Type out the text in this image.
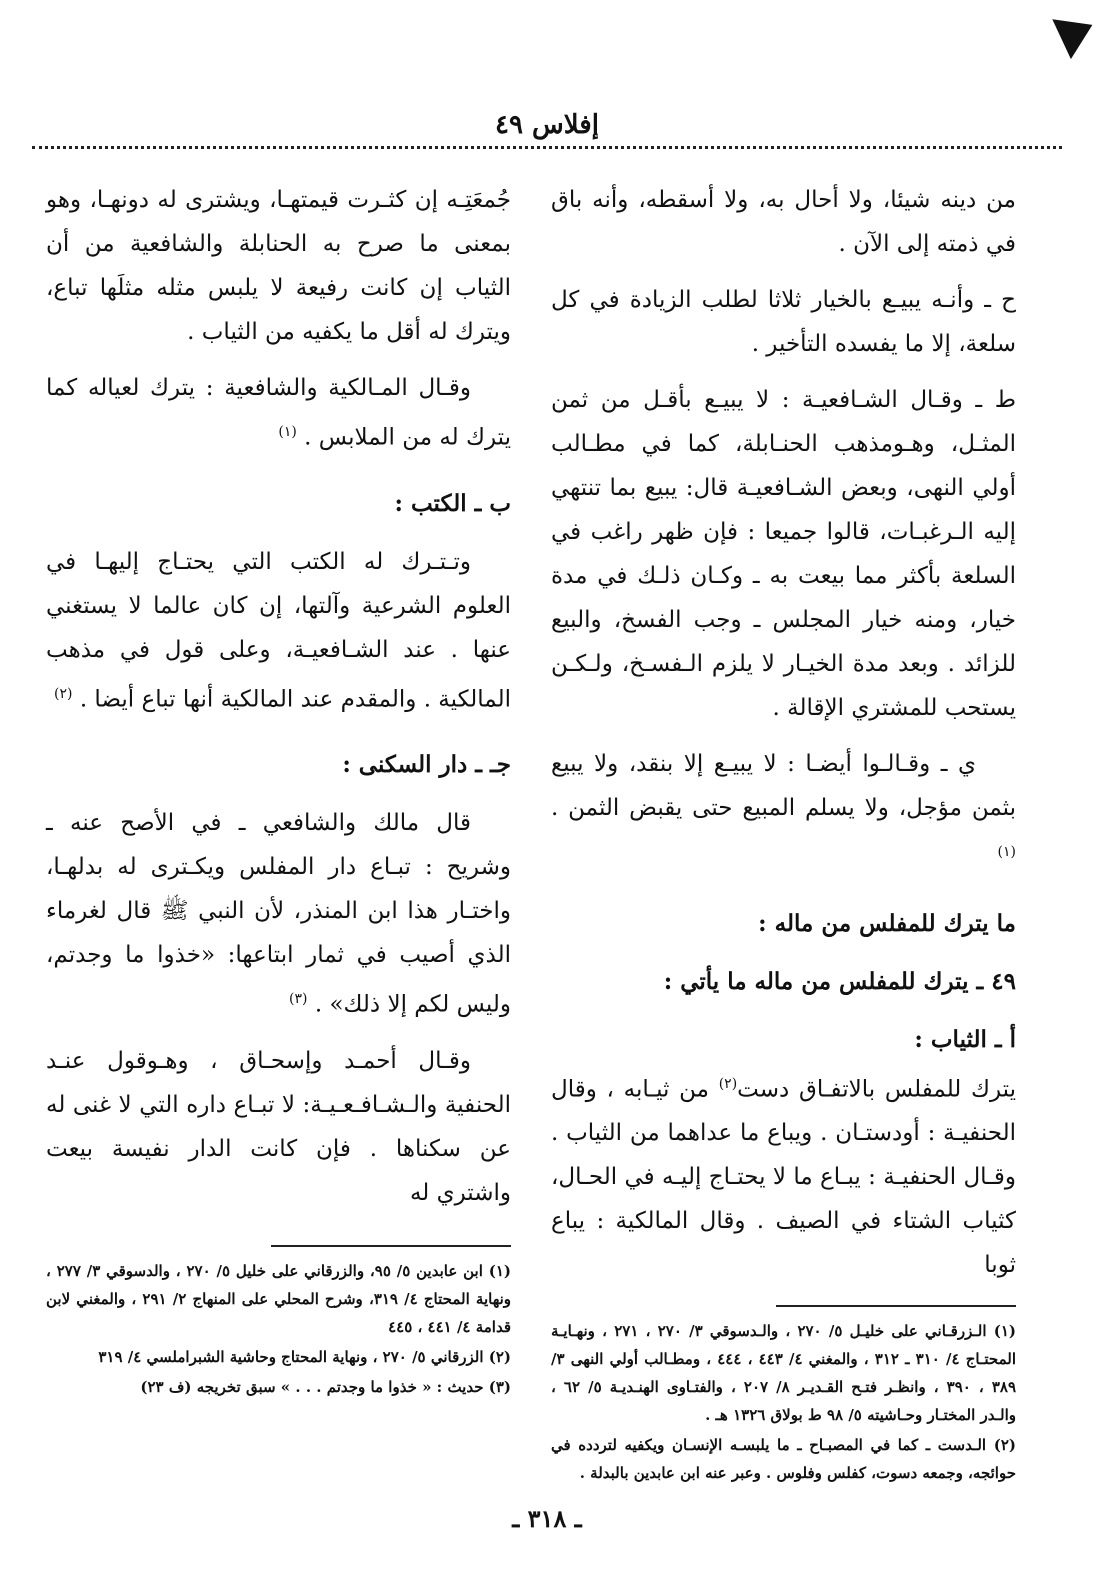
إفلاس ٤٩

من دينه شيئا، ولا أحال به، ولا أسقطه، وأنه باق في ذمته إلى الآن .

ح ـ وأنـه يبيـع بالخيار ثلاثا لطلب الزيادة في كل سلعة، إلا ما يفسده التأخير .

ط ـ وقـال الشـافعيـة : لا يبيـع بأقـل من ثمن المثـل، وهـومذهب الحنـابلة، كما في مطـالب أولي النهى، وبعض الشـافعيـة قال: يبيع بما تنتهي إليه الـرغبـات، قالوا جميعا : فإن ظهر راغب في السلعة بأكثر مما بيعت به ـ وكـان ذلـك في مدة خيار، ومنه خيار المجلس ـ وجب الفسخ، والبيع للزائد . وبعد مدة الخيـار لا يلزم الـفسـخ، ولـكـن يستحب للمشتري الإقالة .

ي ـ وقـالـوا أيضـا : لا يبيـع إلا بنقد، ولا يبيع بثمن مؤجل، ولا يسلم المبيع حتى يقبض الثمن . $^{(١)}$

ما يترك للمفلس من ماله :
٤٩ ـ يترك للمفلس من ماله ما يأتي :
أ ـ الثياب :

يترك للمفلس بالاتفـاق دست$^{(٢)}$ من ثيـابه ، وقال الحنفيـة : أودستـان . ويباع ما عداهما من الثياب . وقـال الحنفيـة : يبـاع ما لا يحتـاج إليـه في الحـال، كثياب الشتاء في الصيف . وقال المالكية : يباع ثوبا

(١) الـزرقـاني على خليـل ٥/ ٢٧٠ ، والـدسوقي ٣/ ٢٧٠ ، ٢٧١ ، ونهـايـة المحتـاج ٤/ ٣١٠ ـ ٣١٢ ، والمغني ٤/ ٤٤٣ ، ٤٤٤ ، ومطـالب أولي النهى ٣/ ٣٨٩ ، ٣٩٠ ، وانظـر فتـح القـديـر ٨/ ٢٠٧ ، والفتـاوى الهنـديـة ٥/ ٦٢ ، والـدر المختـار وحـاشيته ٥/ ٩٨ ط بولاق ١٣٢٦ هـ .

(٢) الـدست ـ كما في المصبـاح ـ ما يلبسـه الإنسـان ويكفيه لتردده في حوائجه، وجمعه دسوت، كفلس وفلوس . وعبر عنه ابن عابدين بالبدلة .

جُمعَتِـه إن كثـرت قيمتهـا، ويشترى له دونهـا، وهو بمعنى ما صرح به الحنابلة والشافعية من أن الثياب إن كانت رفيعة لا يلبس مثله مثلَها تباع، ويترك له أقل ما يكفيه من الثياب .

وقـال المـالكية والشافعية : يترك لعياله كما يترك له من الملابس . $^{(١)}$

ب ـ الكتب :

وتـتـرك له الكتب التي يحتـاج إليهـا في العلوم الشرعية وآلتها، إن كان عالما لا يستغني عنها . عند الشـافعيـة، وعلى قول في مذهب المالكية . والمقدم عند المالكية أنها تباع أيضا . $^{(٢)}$

جـ ـ دار السكنى :

قال مالك والشافعي ـ في الأصح عنه ـ وشريح : تبـاع دار المفلس ويكـترى له بدلهـا، واختـار هذا ابن المنذر، لأن النبي ﷺ قال لغرماء الذي أصيب في ثمار ابتاعها: «خذوا ما وجدتم، وليس لكم إلا ذلك» . $^{(٣)}$

وقـال أحمـد وإسحـاق ، وهـوقول عنـد الحنفية والـشـافـعـيـة: لا تبـاع داره التي لا غنى له عن سكناها . فإن كانت الدار نفيسة بيعت واشتري له

(١) ابن عابدين ٥/ ٩٥، والزرقاني على خليل ٥/ ٢٧٠ ، والدسوقي ٣/ ٢٧٧ ، ونهاية المحتاج ٤/ ٣١٩، وشرح المحلي على المنهاج ٢/ ٢٩١ ، والمغني لابن قدامة ٤/ ٤٤١ ، ٤٤٥

(٢) الزرقاني ٥/ ٢٧٠ ، ونهاية المحتاج وحاشية الشبراملسي ٤/ ٣١٩

(٣) حديث : « خذوا ما وجدتم . . . » سبق تخريجه (ف ٢٣)

ـ ٣١٨ ـ
